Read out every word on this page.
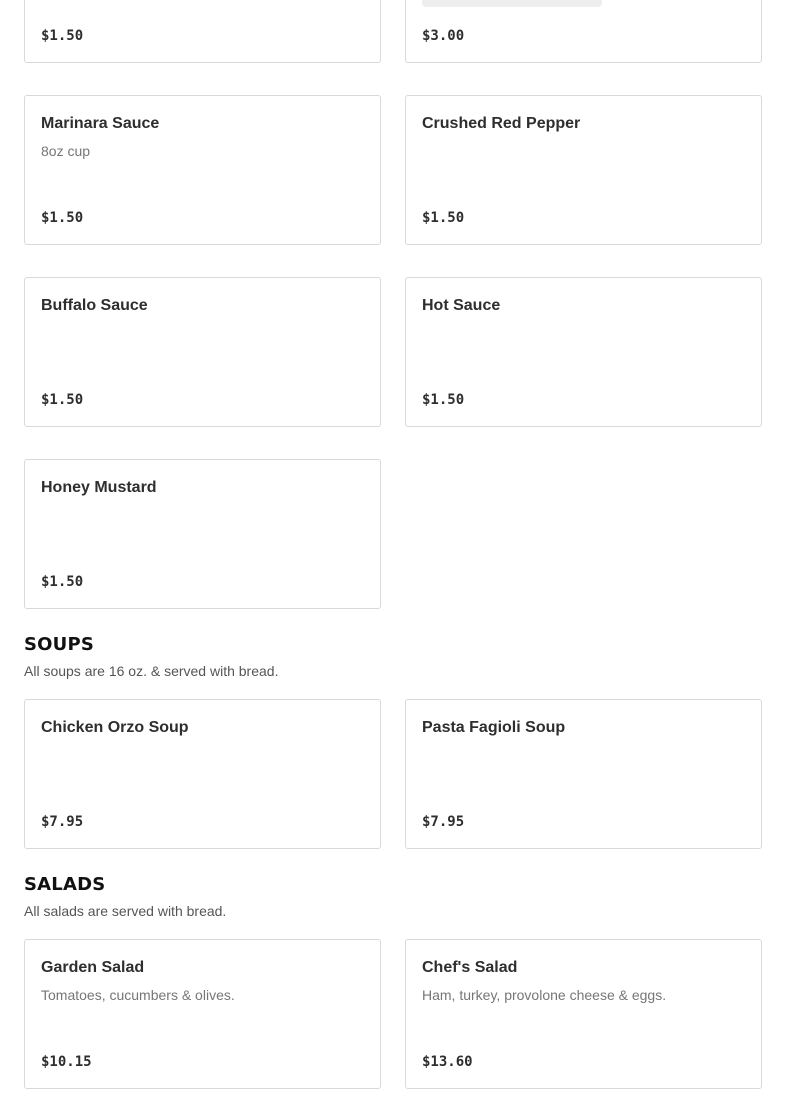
$1.50	$3.00
Marinara Sauce
8oz cup
$1.50
Crushed Red Pepper
$1.50
Buffalo Sauce
$1.50
Hot Sauce
$1.50
Honey Mustard
$1.50
SOUPS

All soups are 16 oz. & served with bread.

Chicken Orzo Soup
$7.95
Pasta Fagioli Soup
$7.95
SALADS

All salads are served with bread.

Garden Salad
Tomatoes, cucumbers & olives.
$10.15
Chef's Salad
Ham, turkey, provolone cheese & eggs.
$13.60
